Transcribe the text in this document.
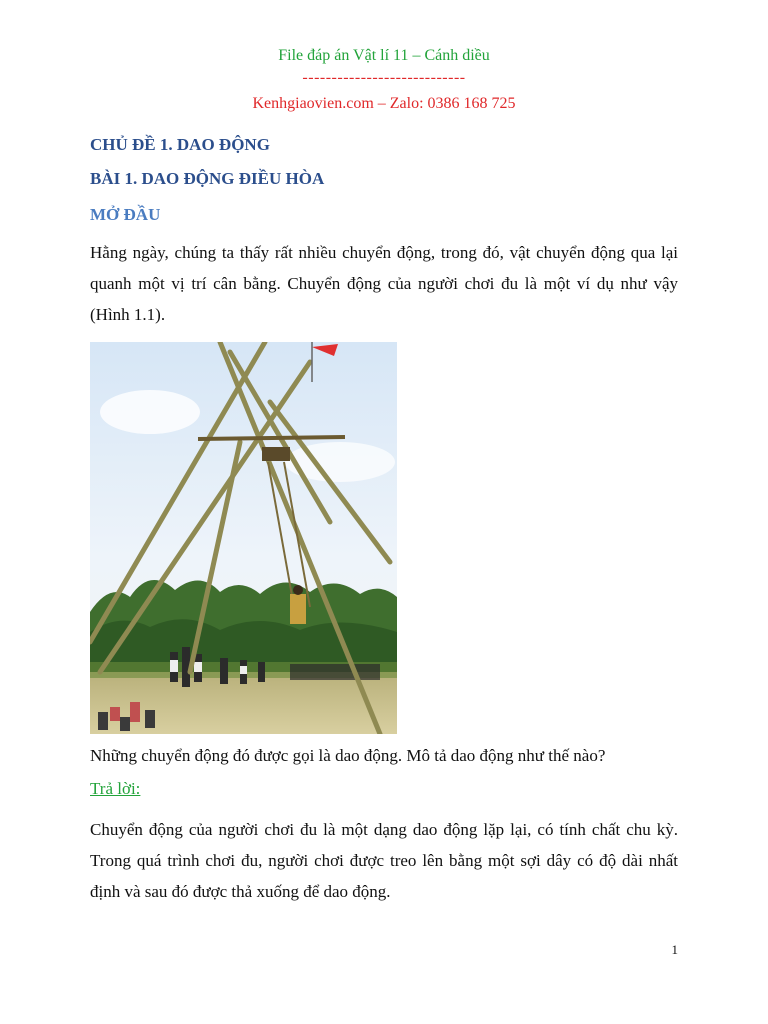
File đáp án Vật lí 11 – Cánh diều
----------------------------
Kenhgiaovien.com – Zalo: 0386 168 725
CHỦ ĐỀ 1. DAO ĐỘNG
BÀI 1. DAO ĐỘNG ĐIỀU HÒA
MỞ ĐẦU

Hằng ngày, chúng ta thấy rất nhiều chuyển động, trong đó, vật chuyển động qua lại quanh một vị trí cân bằng. Chuyển động của người chơi đu là một ví dụ như vậy (Hình 1.1).

Những chuyển động đó được gọi là dao động. Mô tả dao động như thế nào?

Trả lời:

Chuyển động của người chơi đu là một dạng dao động lặp lại, có tính chất chu kỳ. Trong quá trình chơi đu, người chơi được treo lên bằng một sợi dây có độ dài nhất định và sau đó được thả xuống để dao động.

1
